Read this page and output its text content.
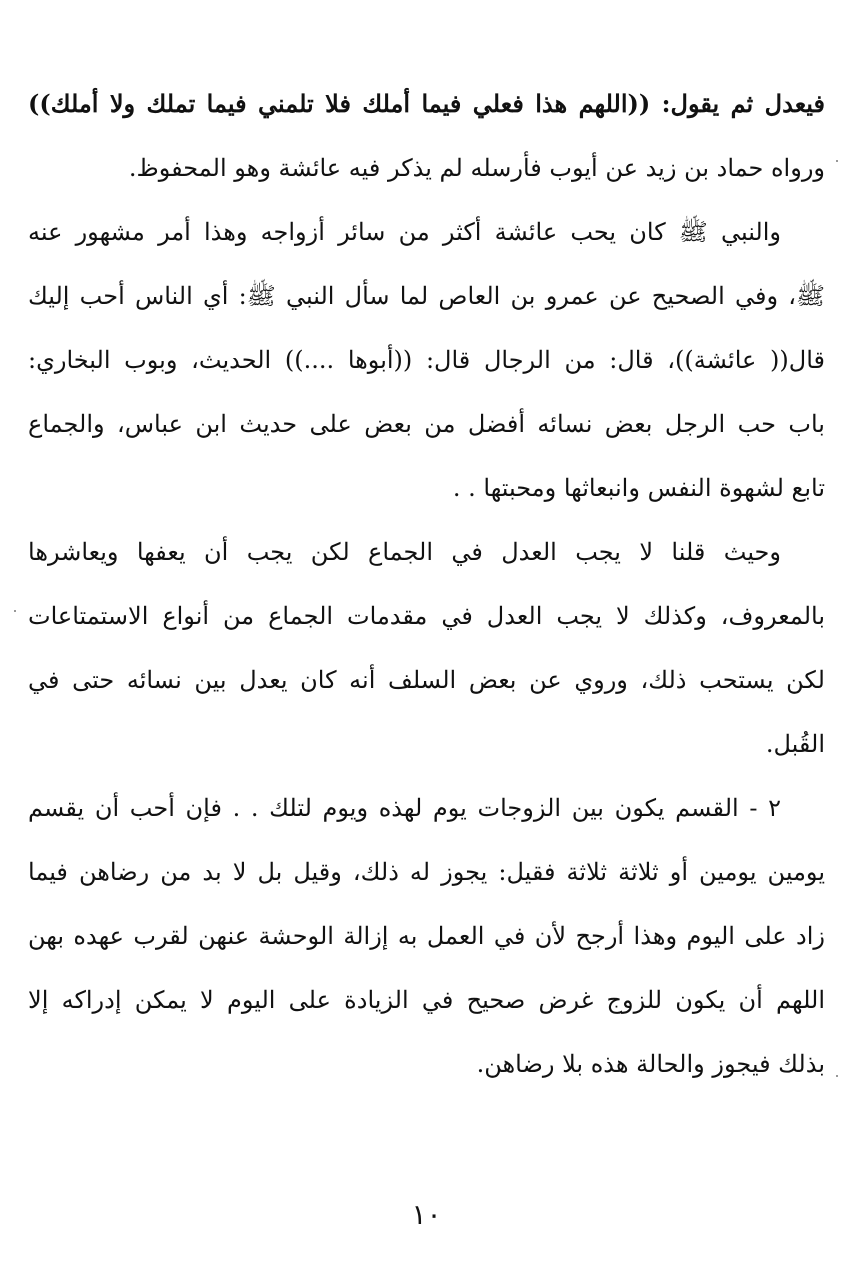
فيعدل ثم يقول: ((اللهم هذا فعلي فيما أملك فلا تلمني فيما تملك ولا أملك))
ورواه حماد بن زيد عن أيوب فأرسله لم يذكر فيه عائشة وهو المحفوظ.
والنبي ﷺ كان يحب عائشة أكثر من سائر أزواجه وهذا أمر مشهور عنه
ﷺ، وفي الصحيح عن عمرو بن العاص لما سأل النبي ﷺ: أي الناس أحب إليك
قال(( عائشة))، قال: من الرجال قال: ((أبوها ....)) الحديث، وبوب البخاري:
باب حب الرجل بعض نسائه أفضل من بعض على حديث ابن عباس، والجماع
تابع لشهوة النفس وانبعاثها ومحبتها . .
وحيث قلنا لا يجب العدل في الجماع لكن يجب أن يعفها ويعاشرها
بالمعروف، وكذلك لا يجب العدل في مقدمات الجماع من أنواع الاستمتاعات
لكن يستحب ذلك، وروي عن بعض السلف أنه كان يعدل بين نسائه حتى في
القُبل.
٢ - القسم يكون بين الزوجات يوم لهذه ويوم لتلك . . فإن أحب أن يقسم
يومين يومين أو ثلاثة ثلاثة فقيل: يجوز له ذلك، وقيل بل لا بد من رضاهن فيما
زاد على اليوم وهذا أرجح لأن في العمل به إزالة الوحشة عنهن لقرب عهده بهن
اللهم أن يكون للزوج غرض صحيح في الزيادة على اليوم لا يمكن إدراكه إلا
بذلك فيجوز والحالة هذه بلا رضاهن.
١٠
